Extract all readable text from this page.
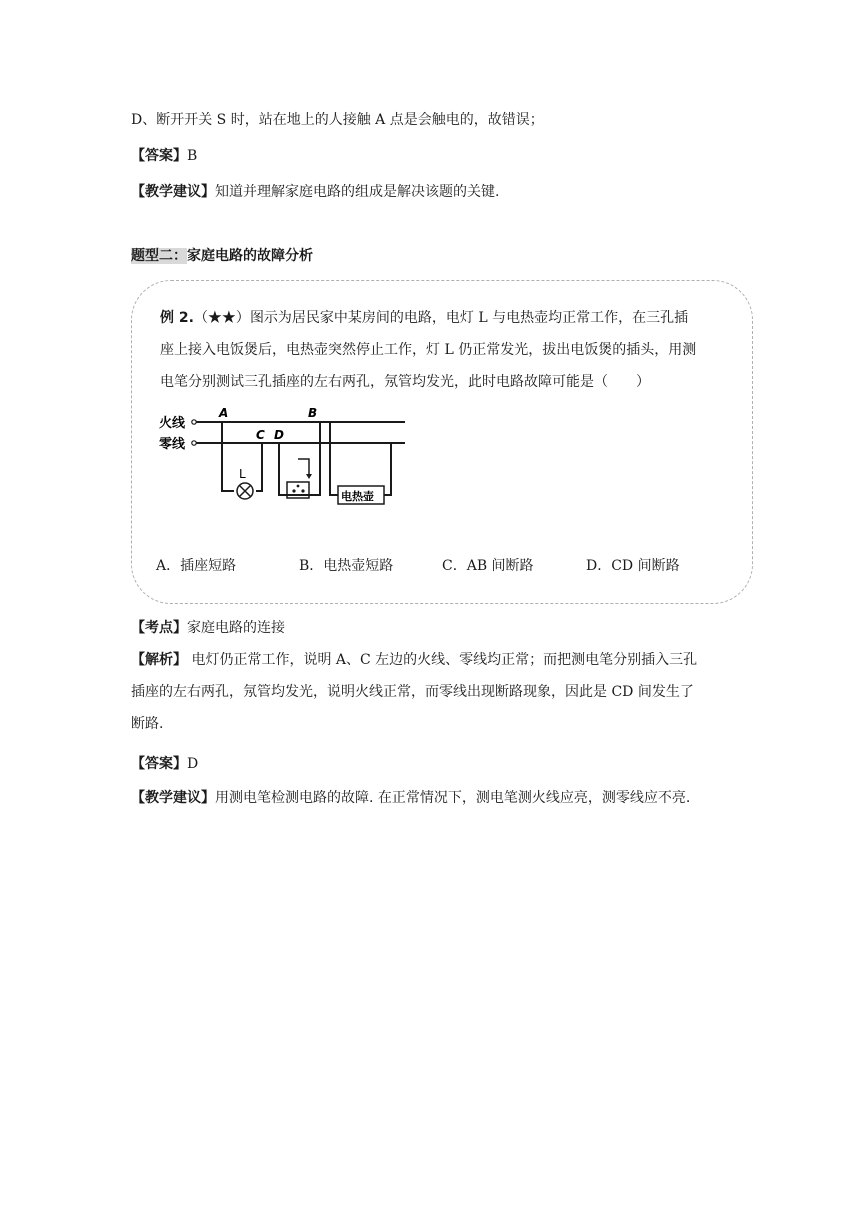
D、断开开关 S 时，站在地上的人接触 A 点是会触电的，故错误；
【答案】B
【教学建议】知道并理解家庭电路的组成是解决该题的关键.
题型二：家庭电路的故障分析
例 2.（★★）图示为居民家中某房间的电路，电灯 L 与电热壶均正常工作，在三孔插
座上接入电饭煲后，电热壶突然停止工作，灯 L 仍正常发光，拔出电饭煲的插头，用测
电笔分别测试三孔插座的左右两孔，氖管均发光，此时电路故障可能是（　　）
火线
零线
A
C D
B
L
电热壶
A．插座短路	B．电热壶短路	C．AB 间断路	D．CD 间断路
【考点】家庭电路的连接
【解析】 电灯仍正常工作，说明 A、C 左边的火线、零线均正常；而把测电笔分别插入三孔
插座的左右两孔，氖管均发光，说明火线正常，而零线出现断路现象，因此是 CD 间发生了
断路.
【答案】D
【教学建议】用测电笔检测电路的故障. 在正常情况下，测电笔测火线应亮，测零线应不亮.
